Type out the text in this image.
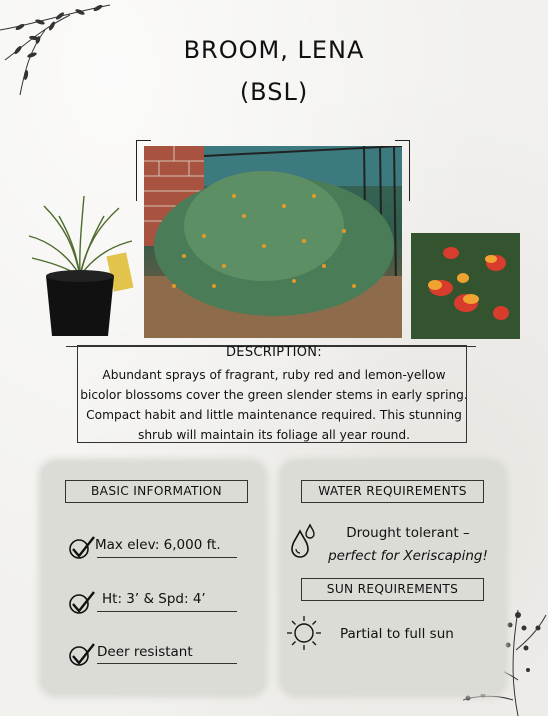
BROOM, LENA
(BSL)
DESCRIPTION:
Abundant sprays of fragrant, ruby red and lemon-yellow bicolor blossoms cover the green slender stems in early spring. Compact habit and little maintenance required. This stunning shrub will maintain its foliage all year round.
BASIC INFORMATION	WATER REQUIREMENTS
SUN REQUIREMENTS
Max elev: 6,000 ft.
Ht: 3’ & Spd: 4’
Deer resistant
Drought tolerant –
perfect for Xeriscaping!
Partial to full sun
